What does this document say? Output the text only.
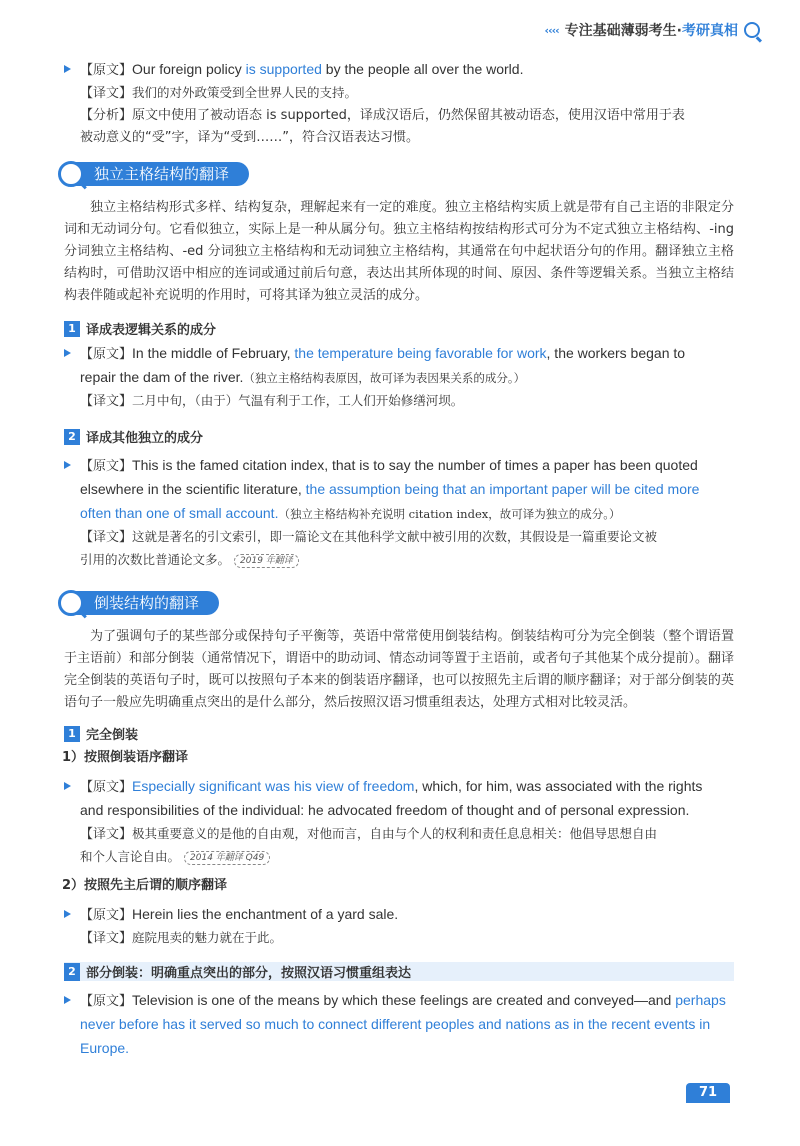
‹‹‹‹ 专注基础薄弱考生· 考研真相
【原文】Our foreign policy is supported by the people all over the world.
【译文】我们的对外政策受到全世界人民的支持。
【分析】原文中使用了被动语态 is supported，译成汉语后，仍然保留其被动语态，使用汉语中常用于表
被动意义的“受”字，译为“受到……”，符合汉语表达习惯。
独立主格结构的翻译
独立主格结构形式多样、结构复杂，理解起来有一定的难度。独立主格结构实质上就是带有自己主语的非限定分词和无动词分句。它看似独立，实际上是一种从属分句。独立主格结构按结构形式可分为不定式独立主格结构、-ing 分词独立主格结构、-ed 分词独立主格结构和无动词独立主格结构，其通常在句中起状语分句的作用。翻译独立主格结构时，可借助汉语中相应的连词或通过前后句意，表达出其所体现的时间、原因、条件等逻辑关系。当独立主格结构表伴随或起补充说明的作用时，可将其译为独立灵活的成分。
1 译成表逻辑关系的成分
【原文】In the middle of February, the temperature being favorable for work, the workers began to
repair the dam of the river.（独立主格结构表原因，故可译为表因果关系的成分。）
【译文】二月中旬，（由于）气温有利于工作，工人们开始修缮河坝。
2 译成其他独立的成分
【原文】This is the famed citation index, that is to say the number of times a paper has been quoted
elsewhere in the scientific literature, the assumption being that an important paper will be cited more
often than one of small account.（独立主格结构补充说明 citation index，故可译为独立的成分。）
【译文】这就是著名的引文索引，即一篇论文在其他科学文献中被引用的次数，其假设是一篇重要论文被
引用的次数比普通论文多。 2019 年翻译
倒装结构的翻译
为了强调句子的某些部分或保持句子平衡等，英语中常常使用倒装结构。倒装结构可分为完全倒装（整个谓语置于主语前）和部分倒装（通常情况下，谓语中的助动词、情态动词等置于主语前，或者句子其他某个成分提前）。翻译完全倒装的英语句子时，既可以按照句子本来的倒装语序翻译，也可以按照先主后谓的顺序翻译；对于部分倒装的英语句子一般应先明确重点突出的是什么部分，然后按照汉语习惯重组表达，处理方式相对比较灵活。
1 完全倒装
1）按照倒装语序翻译
【原文】Especially significant was his view of freedom, which, for him, was associated with the rights
and responsibilities of the individual: he advocated freedom of thought and of personal expression.
【译文】极其重要意义的是他的自由观，对他而言，自由与个人的权利和责任息息相关：他倡导思想自由
和个人言论自由。 2014 年翻译 Q49
2）按照先主后谓的顺序翻译
【原文】Herein lies the enchantment of a yard sale.
【译文】庭院甩卖的魅力就在于此。
2 部分倒装：明确重点突出的部分，按照汉语习惯重组表达
【原文】Television is one of the means by which these feelings are created and conveyed—and perhaps
never before has it served so much to connect different peoples and nations as in the recent events in
Europe.
71
